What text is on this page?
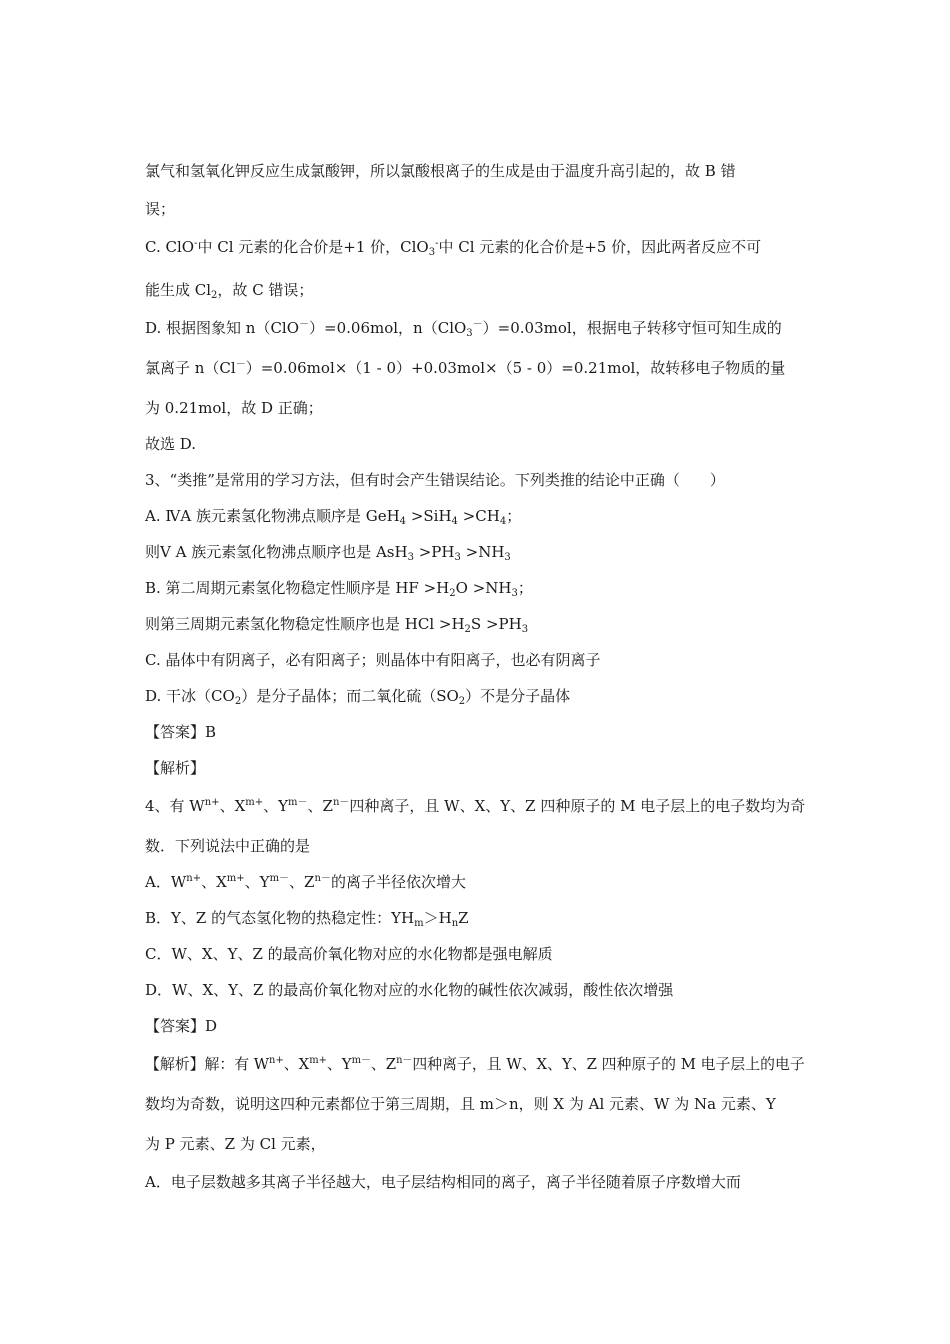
氯气和氢氧化钾反应生成氯酸钾，所以氯酸根离子的生成是由于温度升高引起的，故 B 错
误；
C. ClO-中 Cl 元素的化合价是+1 价，ClO$_3$-中 Cl 元素的化合价是+5 价，因此两者反应不可
能生成 $Cl_2$，故 C 错误；
D. 根据图象知 n（ClO－）=0.06mol，n（ClO$_3$－）=0.03mol，根据电子转移守恒可知生成的
氯离子 n（Cl－）=0.06mol×（1 - 0）+0.03mol×（5 - 0）=0.21mol，故转移电子物质的量
为 0.21mol，故 D 正确；
故选 D.
3、“类推”是常用的学习方法，但有时会产生错误结论。下列类推的结论中正确（　　）
A. ⅣA 族元素氢化物沸点顺序是 $GeH_4 >SiH_4 >CH_4$；
则Ⅴ A 族元素氢化物沸点顺序也是 $AsH_3 >PH_3 >NH_3$
B. 第二周期元素氢化物稳定性顺序是 HF $>H_2O >NH_3$；
则第三周期元素氢化物稳定性顺序也是 HCl $>H_2S >PH_3$
C. 晶体中有阴离子，必有阳离子；则晶体中有阳离子，也必有阴离子
D. 干冰$(CO_2)$是分子晶体；而二氧化硫$(SO_2)$不是分子晶体
【答案】B
【解析】
4、有 $W^{n+}$、$X^{m+}$、$Y^{m-}$、$Z^{n-}$四种离子，且 W、X、Y、Z 四种原子的 M 电子层上的电子数均为奇
数．下列说法中正确的是
A．$W^{n+}$、$X^{m+}$、$Y^{m-}$、$Z^{n-}$的离子半径依次增大
B．Y、Z 的气态氢化物的热稳定性：$YH_m>H_nZ$
C．W、X、Y、Z 的最高价氧化物对应的水化物都是强电解质
D．W、X、Y、Z 的最高价氧化物对应的水化物的碱性依次减弱，酸性依次增强
【答案】D
【解析】解：有 $W^{n+}$、$X^{m+}$、$Y^{m-}$、$Z^{n-}$四种离子，且 W、X、Y、Z 四种原子的 M 电子层上的电子
数均为奇数，说明这四种元素都位于第三周期，且 m＞n，则 X 为 Al 元素、W 为 Na 元素、Y
为 P 元素、Z 为 Cl 元素，
A．电子层数越多其离子半径越大，电子层结构相同的离子，离子半径随着原子序数增大而
